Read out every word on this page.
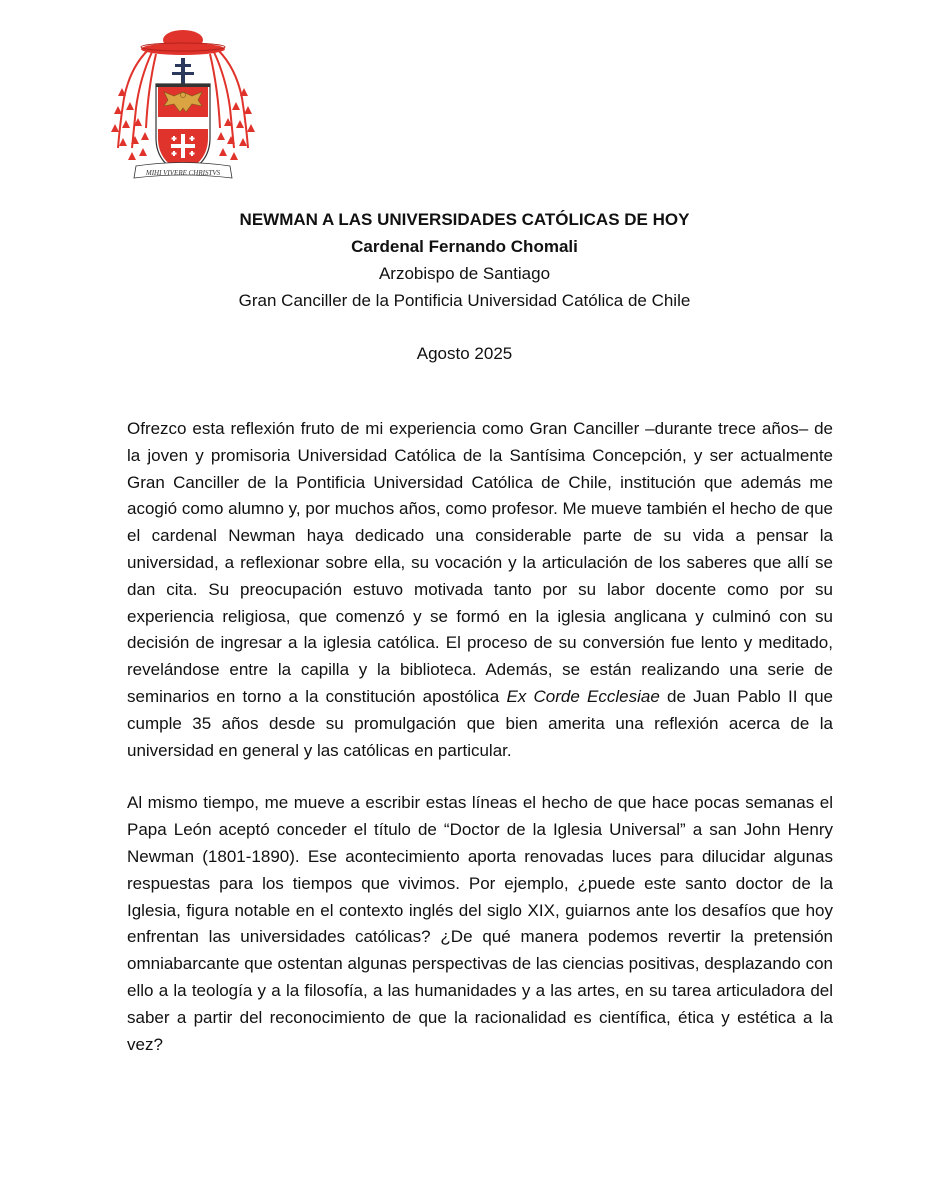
MIHI VIVERE CHRISTVS
NEWMAN A LAS UNIVERSIDADES CATÓLICAS DE HOY
Cardenal Fernando Chomali
Arzobispo de Santiago
Gran Canciller de la Pontificia Universidad Católica de Chile
Agosto 2025

Ofrezco esta reflexión fruto de mi experiencia como Gran Canciller –durante trece años– de la joven y promisoria Universidad Católica de la Santísima Concepción, y ser actualmente Gran Canciller de la Pontificia Universidad Católica de Chile, institución que además me acogió como alumno y, por muchos años, como profesor. Me mueve también el hecho de que el cardenal Newman haya dedicado una considerable parte de su vida a pensar la universidad, a reflexionar sobre ella, su vocación y la articulación de los saberes que allí se dan cita. Su preocupación estuvo motivada tanto por su labor docente como por su experiencia religiosa, que comenzó y se formó en la iglesia anglicana y culminó con su decisión de ingresar a la iglesia católica. El proceso de su conversión fue lento y meditado, revelándose entre la capilla y la biblioteca. Además, se están realizando una serie de seminarios en torno a la constitución apostólica Ex Corde Ecclesiae de Juan Pablo II que cumple 35 años desde su promulgación que bien amerita una reflexión acerca de la universidad en general y las católicas en particular.

Al mismo tiempo, me mueve a escribir estas líneas el hecho de que hace pocas semanas el Papa León aceptó conceder el título de “Doctor de la Iglesia Universal” a san John Henry Newman (1801-1890). Ese acontecimiento aporta renovadas luces para dilucidar algunas respuestas para los tiempos que vivimos. Por ejemplo, ¿puede este santo doctor de la Iglesia, figura notable en el contexto inglés del siglo XIX, guiarnos ante los desafíos que hoy enfrentan las universidades católicas? ¿De qué manera podemos revertir la pretensión omniabarcante que ostentan algunas perspectivas de las ciencias positivas, desplazando con ello a la teología y a la filosofía, a las humanidades y a las artes, en su tarea articuladora del saber a partir del reconocimiento de que la racionalidad es científica, ética y estética a la vez?
